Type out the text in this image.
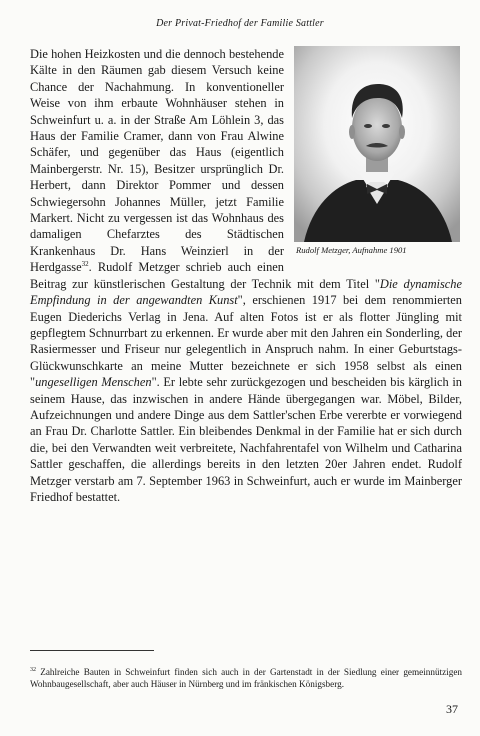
Der Privat-Friedhof der Familie Sattler
Rudolf Metzger, Aufnahme 1901

Die hohen Heizkosten und die dennoch bestehende Kälte in den Räumen gab diesem Versuch keine Chance der Nachahmung. In konventioneller Weise von ihm erbaute Wohnhäuser stehen in Schweinfurt u. a. in der Straße Am Löhlein 3, das Haus der Familie Cramer, dann von Frau Alwine Schäfer, und gegenüber das Haus (eigentlich Mainbergerstr. Nr. 15), Besitzer ursprünglich Dr. Herbert, dann Direktor Pommer und dessen Schwiegersohn Johannes Müller, jetzt Familie Markert. Nicht zu vergessen ist das Wohnhaus des damaligen Chefarztes des Städtischen Krankenhaus Dr. Hans Weinzierl in der Herdgasse$^{32}$. Rudolf Metzger schrieb auch einen Beitrag zur künstlerischen Gestaltung der Technik mit dem Titel "Die dynamische Empfindung in der angewandten Kunst", erschienen 1917 bei dem renommierten Eugen Diederichs Verlag in Jena. Auf alten Fotos ist er als flotter Jüngling mit gepflegtem Schnurrbart zu erkennen. Er wurde aber mit den Jahren ein Sonderling, der Rasiermesser und Friseur nur gelegentlich in Anspruch nahm. In einer Geburtstags-Glückwunschkarte an meine Mutter bezeichnete er sich 1958 selbst als einen "ungeselligen Menschen". Er lebte sehr zurückgezogen und bescheiden bis kärglich in seinem Hause, das inzwischen in andere Hände übergegangen war. Möbel, Bilder, Aufzeichnungen und andere Dinge aus dem Sattler'schen Erbe vererbte er vorwiegend an Frau Dr. Charlotte Sattler. Ein bleibendes Denkmal in der Familie hat er sich durch die, bei den Verwandten weit verbreitete, Nachfahrentafel von Wilhelm und Catharina Sattler geschaffen, die allerdings bereits in den letzten 20er Jahren endet. Rudolf Metzger verstarb am 7. September 1963 in Schweinfurt, auch er wurde im Mainberger Friedhof bestattet.

$^{32}$ Zahlreiche Bauten in Schweinfurt finden sich auch in der Gartenstadt in der Siedlung einer gemeinnützigen Wohnbaugesellschaft, aber auch Häuser in Nürnberg und im fränkischen Königsberg.
37
